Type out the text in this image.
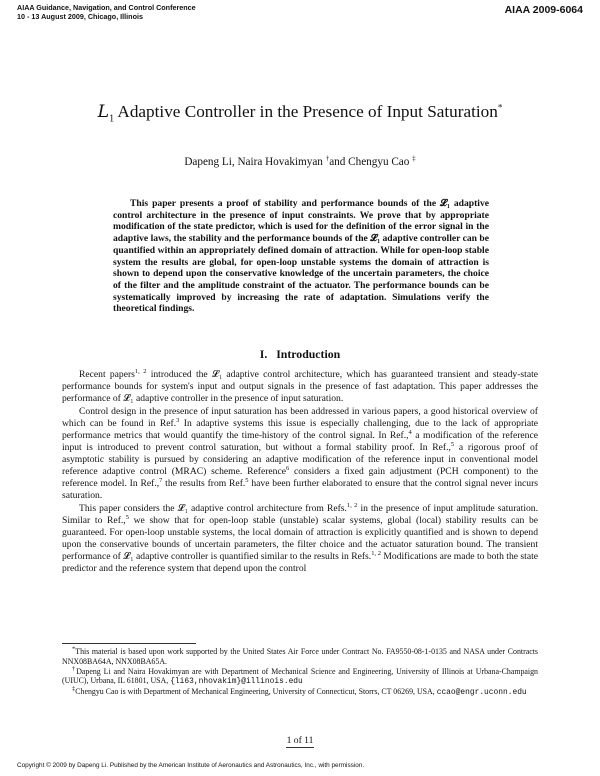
AIAA Guidance, Navigation, and Control Conference
10 - 13 August 2009, Chicago, Illinois	AIAA 2009-6064
$L_1$ Adaptive Controller in the Presence of Input Saturation*
Dapeng Li, Naira Hovakimyan †and Chengyu Cao ‡

This paper presents a proof of stability and performance bounds of the 𝓛₁ adaptive control architecture in the presence of input constraints. We prove that by appropriate modification of the state predictor, which is used for the definition of the error signal in the adaptive laws, the stability and the performance bounds of the 𝓛₁ adaptive controller can be quantified within an appropriately defined domain of attraction. While for open-loop stable system the results are global, for open-loop unstable systems the domain of attraction is shown to depend upon the conservative knowledge of the uncertain parameters, the choice of the filter and the amplitude constraint of the actuator. The performance bounds can be systematically improved by increasing the rate of adaptation. Simulations verify the theoretical findings.

I. Introduction

Recent papers$^{1, 2}$ introduced the 𝓛₁ adaptive control architecture, which has guaranteed transient and steady-state performance bounds for system's input and output signals in the presence of fast adaptation. This paper addresses the performance of 𝓛₁ adaptive controller in the presence of input saturation.

Control design in the presence of input saturation has been addressed in various papers, a good historical overview of which can be found in Ref.$^3$ In adaptive systems this issue is especially challenging, due to the lack of appropriate performance metrics that would quantify the time-history of the control signal. In Ref.,$^4$ a modification of the reference input is introduced to prevent control saturation, but without a formal stability proof. In Ref.,$^5$ a rigorous proof of asymptotic stability is pursued by considering an adaptive modification of the reference input in conventional model reference adaptive control (MRAC) scheme. Reference$^6$ considers a fixed gain adjustment (PCH component) to the reference model. In Ref.,$^7$ the results from Ref.$^5$ have been further elaborated to ensure that the control signal never incurs saturation.

This paper considers the 𝓛₁ adaptive control architecture from Refs.$^{1, 2}$ in the presence of input amplitude saturation. Similar to Ref.,$^5$ we show that for open-loop stable (unstable) scalar systems, global (local) stability results can be guaranteed. For open-loop unstable systems, the local domain of attraction is explicitly quantified and is shown to depend upon the conservative bounds of uncertain parameters, the filter choice and the actuator saturation bound. The transient performance of 𝓛₁ adaptive controller is quantified similar to the results in Refs.$^{1, 2}$ Modifications are made to both the state predictor and the reference system that depend upon the control

*This material is based upon work supported by the United States Air Force under Contract No. FA9550-08-1-0135 and NASA under Contracts NNX08BA64A, NNX08BA65A.

†Dapeng Li and Naira Hovakimyan are with Department of Mechanical Science and Engineering, University of Illinois at Urbana-Champaign (UIUC), Urbana, IL 61801, USA, {li63,nhovakim}@illinois.edu

‡Chengyu Cao is with Department of Mechanical Engineering, University of Connecticut, Storrs, CT 06269, USA, ccao@engr.uconn.edu

1 of 11
Copyright © 2009 by Dapeng Li. Published by the American Institute of Aeronautics and Astronautics, Inc., with permission.
